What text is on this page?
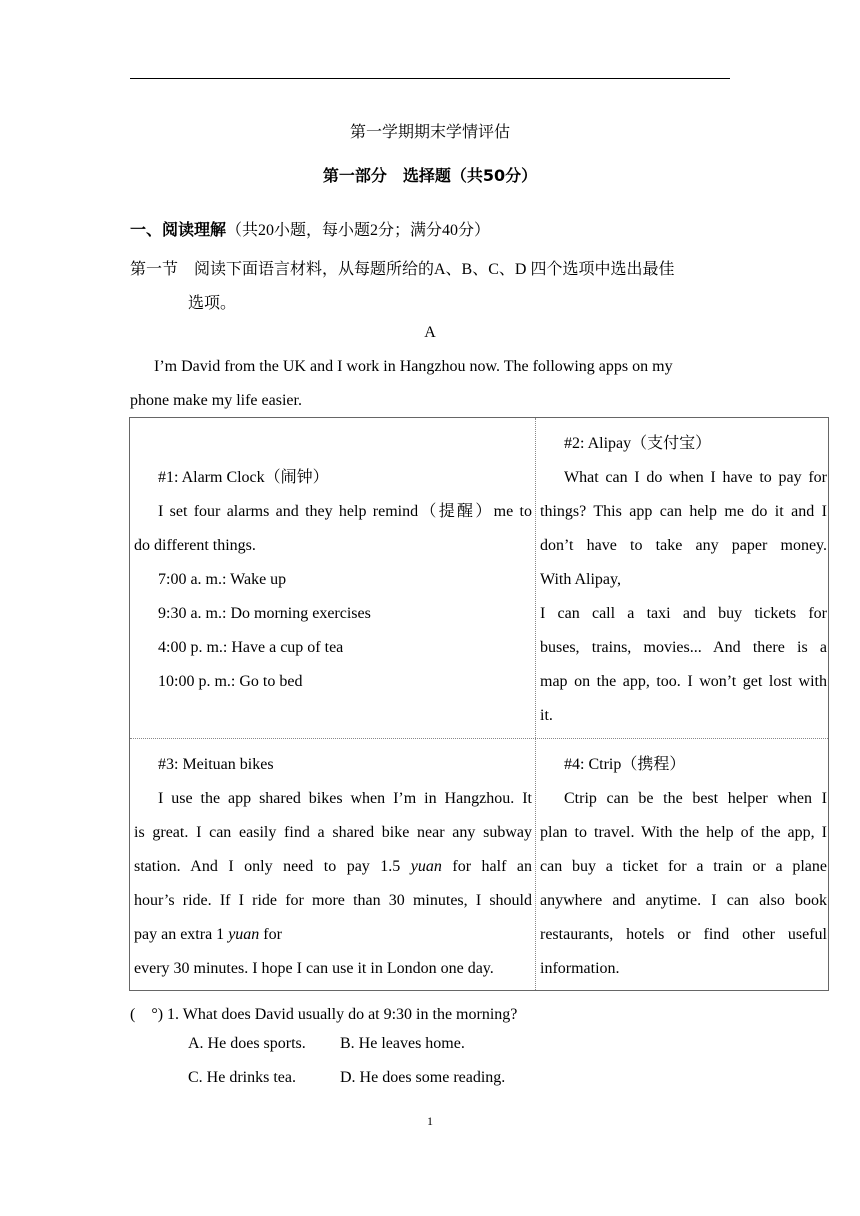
第一学期期末学情评估
第一部分　选择题（共50分）
一、阅读理解（共20小题，每小题2分；满分40分）
第一节　阅读下面语言材料，从每题所给的A、B、C、D 四个选项中选出最佳
选项。
A
I’m David from the UK and I work in Hangzhou now. The following apps on my
phone make my life easier.

#1: Alarm Clock（闹钟）

I set four alarms and they help remind（提醒）me to

do different things.

7:00 a. m.: Wake up

9:30 a. m.: Do morning exercises

4:00 p. m.: Have a cup of tea

10:00 p. m.: Go to bed

#2: Alipay（支付宝）

What can I do when I have to pay for

things? This app can help me do it and I

don’t have to take any paper money.

With Alipay,

I can call a taxi and buy tickets for

buses, trains, movies... And there is a

map on the app, too. I won’t get lost with

it.

#3: Meituan bikes

I use the app shared bikes when I’m in Hangzhou. It

is great. I can easily find a shared bike near any subway

station. And I only need to pay 1.5 yuan for half an

hour’s ride. If I ride for more than 30 minutes, I should

pay an extra 1 yuan for

every 30 minutes. I hope I can use it in London one day.

#4: Ctrip（携程）

Ctrip can be the best helper when I

plan to travel. With the help of the app, I

can buy a ticket for a train or a plane

anywhere and anytime. I can also book

restaurants, hotels or find other useful

information.

(　°) 1. What does David usually do at 9:30 in the morning?
A. He does sports. B. He leaves home.
C. He drinks tea.	D. He does some reading.
1
